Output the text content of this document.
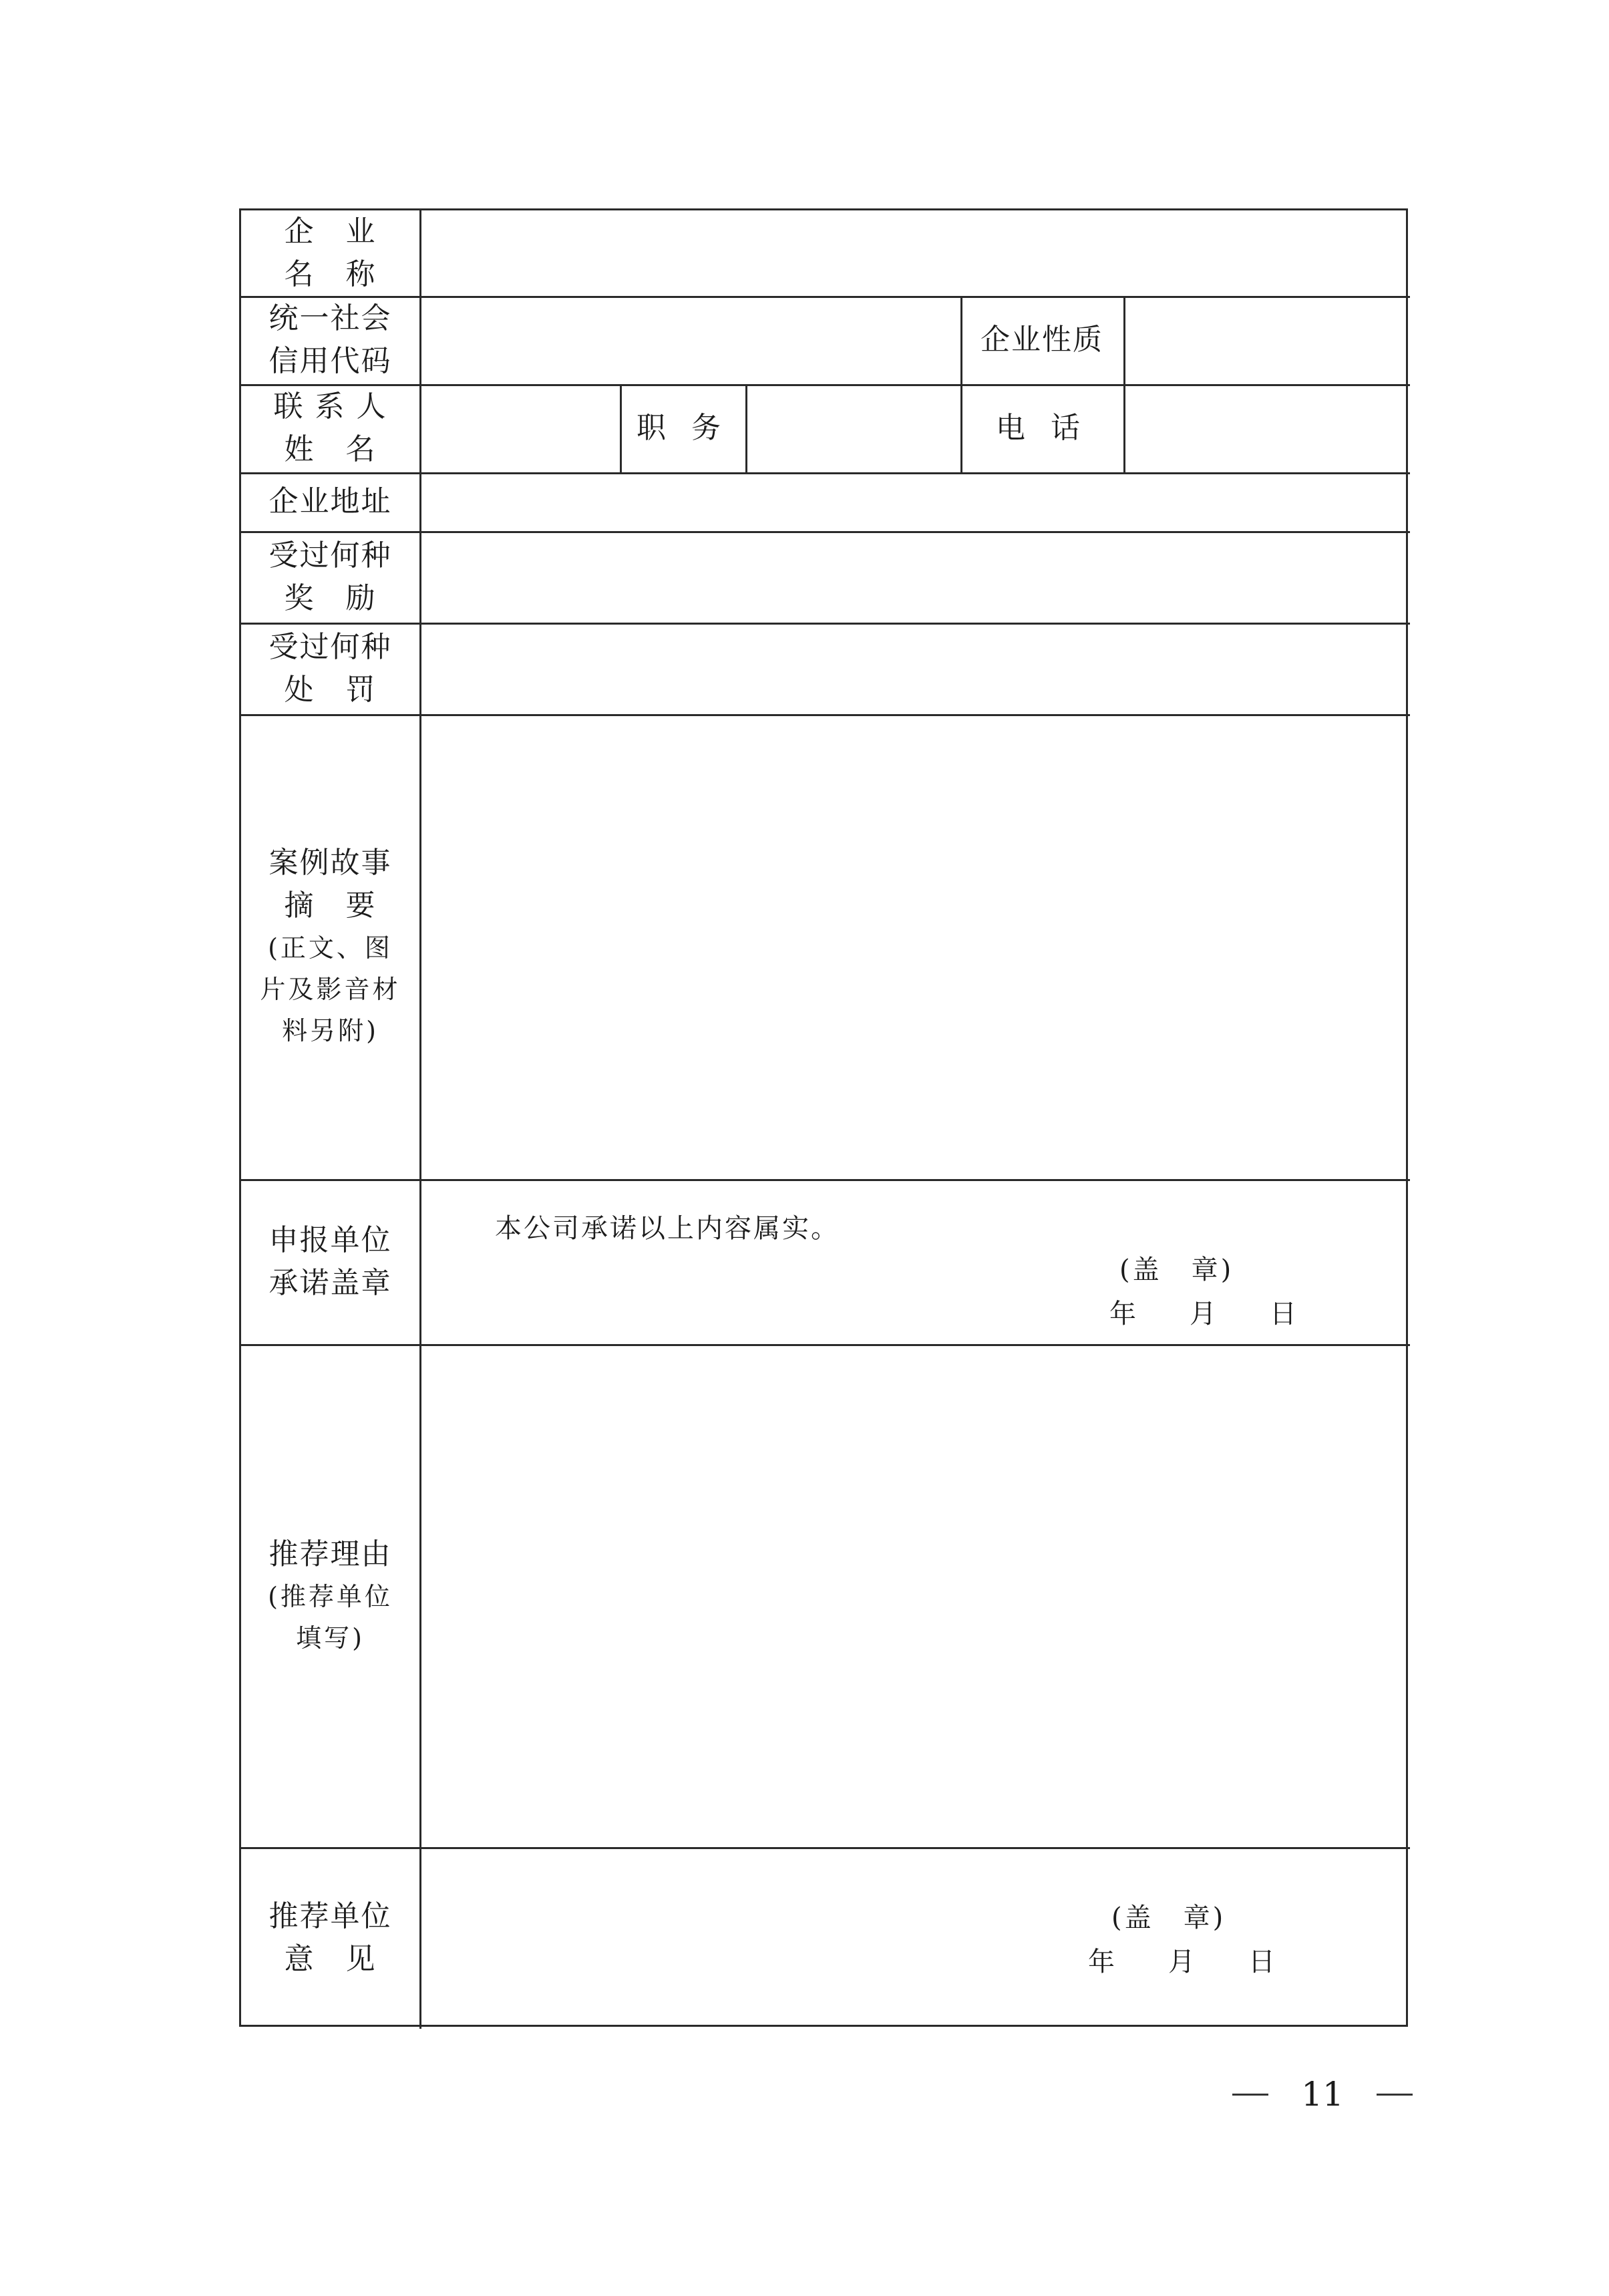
企　业
名　称
统一社会
信用代码
企业性质
联 系 人
姓　名
职 务	电 话
企业地址
受过何种
奖　励
受过何种
处　罚
案例故事
摘　要
(正文、图
片及影音材
料另附)
申报单位
承诺盖章
推荐理由
(推荐单位
填写)
推荐单位
意　见
本公司承诺以上内容属实。
(盖　章)
年　　月　　日
(盖　章)
年　　月　　日
11
